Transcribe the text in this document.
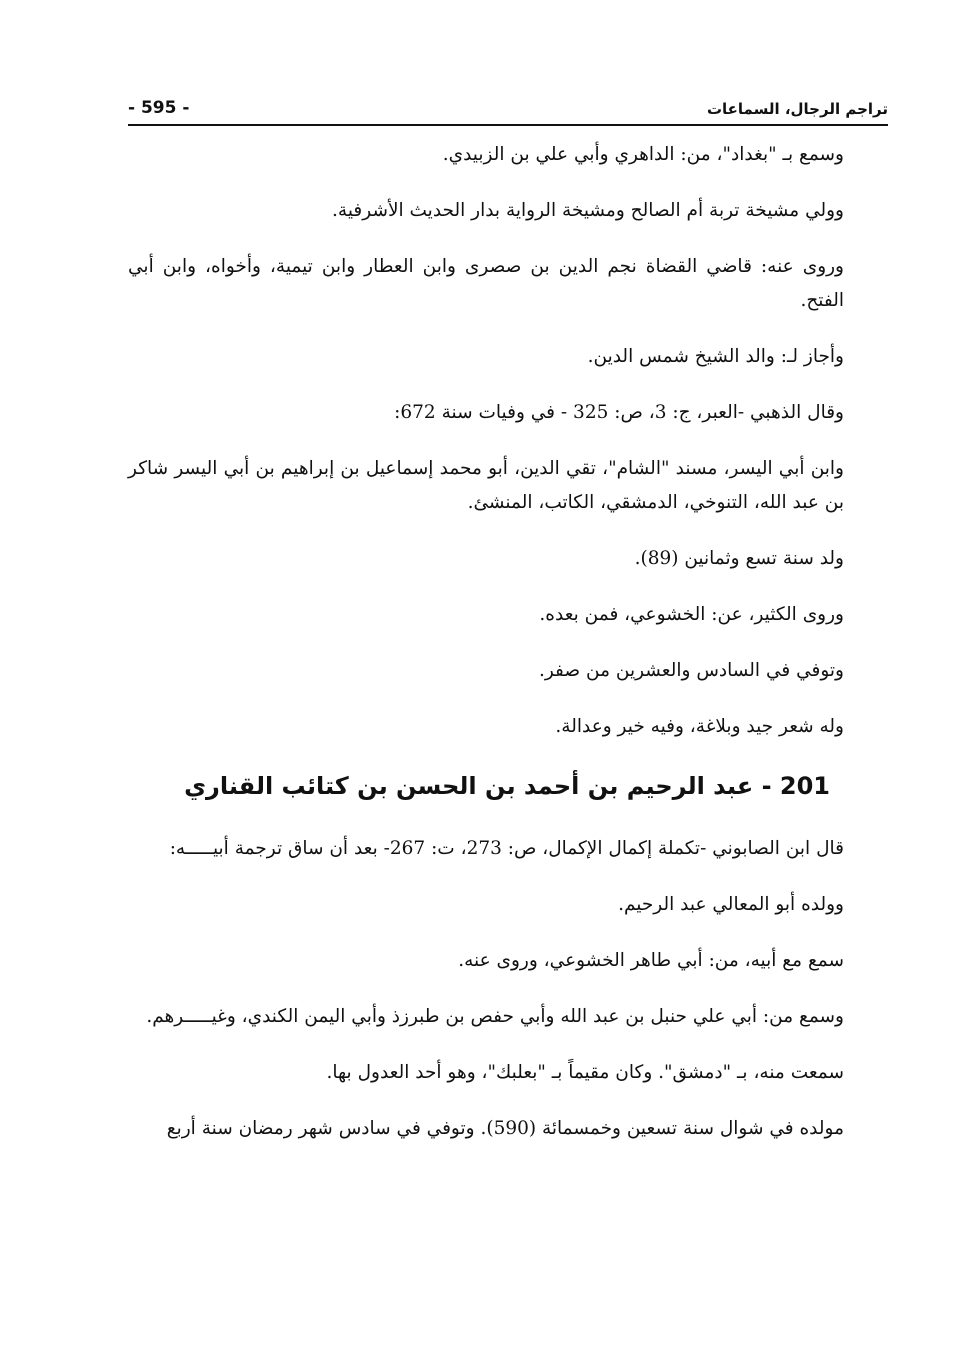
- 595 -	تراجم الرجال، السماعات

وسمع بـ "بغداد"، من: الداهري وأبي علي بن الزبيدي.

وولي مشيخة تربة أم الصالح ومشيخة الرواية بدار الحديث الأشرفية.

وروى عنه: قاضي القضاة نجم الدين بن صصرى وابن العطار وابن تيمية، وأخواه، وابن أبي الفتح.

وأجاز لـ: والد الشيخ شمس الدين.

وقال الذهبي -العبر، ج: 3، ص: 325 - في وفيات سنة 672:

وابن أبي اليسر، مسند "الشام"، تقي الدين، أبو محمد إسماعيل بن إبراهيم بن أبي اليسر شاكر بن عبد الله، التنوخي، الدمشقي، الكاتب، المنشئ.

ولد سنة تسع وثمانين (89).

وروى الكثير، عن: الخشوعي، فمن بعده.

وتوفي في السادس والعشرين من صفر.

وله شعر جيد وبلاغة، وفيه خير وعدالة.

201 - عبد الرحيم بن أحمد بن الحسن بن كتائب القناري

قال ابن الصابوني -تكملة إكمال الإكمال، ص: 273، ت: 267- بعد أن ساق ترجمة أبيـــــه:

وولده أبو المعالي عبد الرحيم.

سمع مع أبيه، من: أبي طاهر الخشوعي، وروى عنه.

وسمع من: أبي علي حنبل بن عبد الله وأبي حفص بن طبرزذ وأبي اليمن الكندي، وغيـــــرهم.

سمعت منه، بـ "دمشق". وكان مقيماً بـ "بعلبك"، وهو أحد العدول بها.

مولده في شوال سنة تسعين وخمسمائة (590). وتوفي في سادس شهر رمضان سنة أربع
